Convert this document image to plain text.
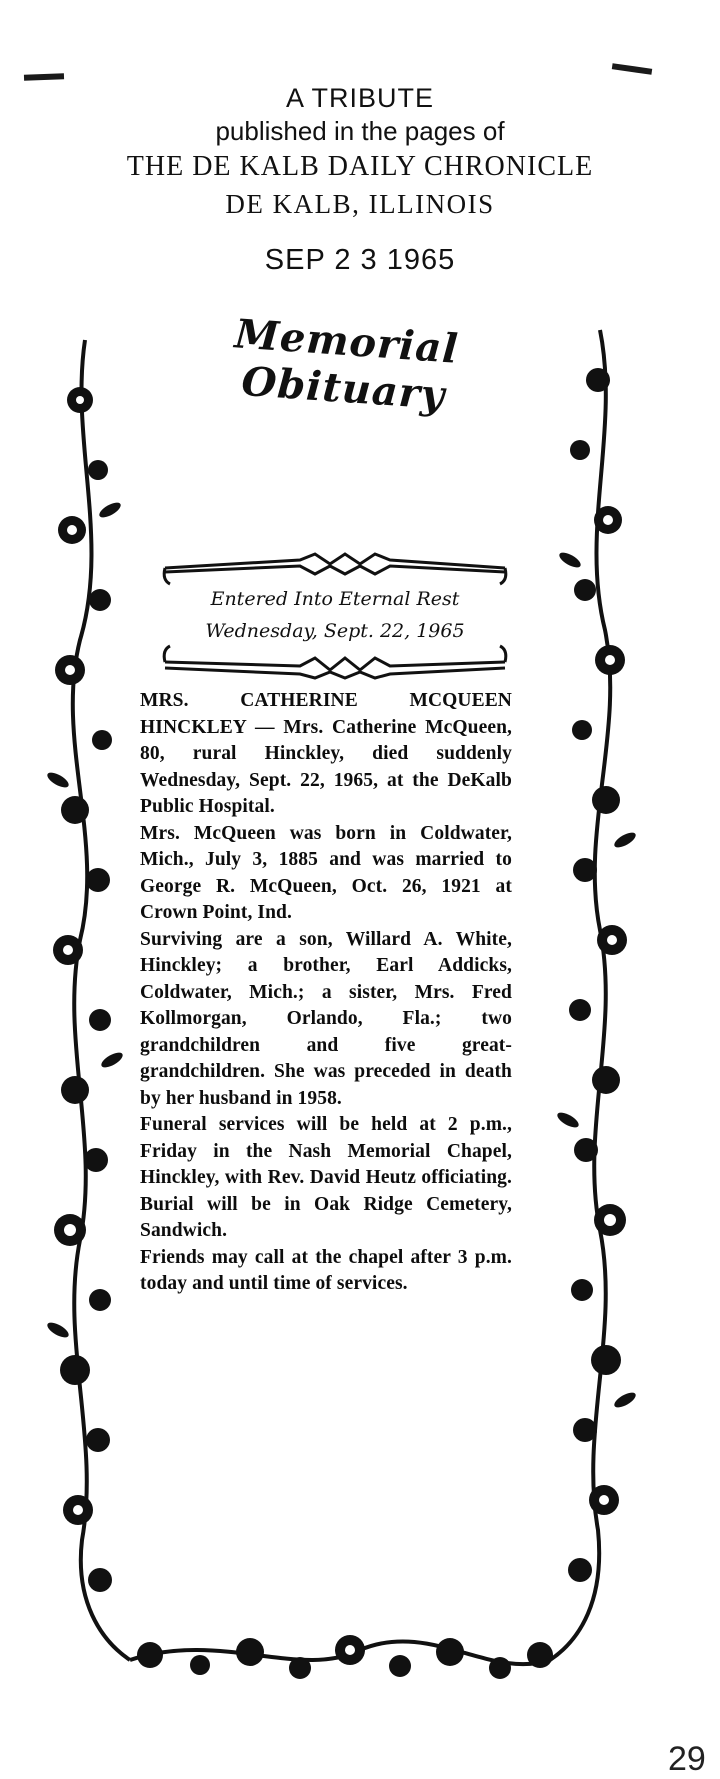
A TRIBUTE
published in the pages of
THE DE KALB DAILY CHRONICLE
DE KALB, ILLINOIS
SEP 2 3 1965
Memorial Obituary
Entered Into Eternal Rest
Wednesday, Sept. 22, 1965

MRS. CATHERINE MCQUEEN HINCKLEY — Mrs. Catherine McQueen, 80, rural Hinckley, died suddenly Wednesday, Sept. 22, 1965, at the DeKalb Public Hospital.

Mrs. McQueen was born in Coldwater, Mich., July 3, 1885 and was married to George R. McQueen, Oct. 26, 1921 at Crown Point, Ind.

Surviving are a son, Willard A. White, Hinckley; a brother, Earl Addicks, Coldwater, Mich.; a sister, Mrs. Fred Kollmorgan, Orlando, Fla.; two grandchildren and five great-grandchildren. She was preceded in death by her husband in 1958.

Funeral services will be held at 2 p.m., Friday in the Nash Memorial Chapel, Hinckley, with Rev. David Heutz officiating. Burial will be in Oak Ridge Cemetery, Sandwich.

Friends may call at the chapel after 3 p.m. today and until time of services.

29
